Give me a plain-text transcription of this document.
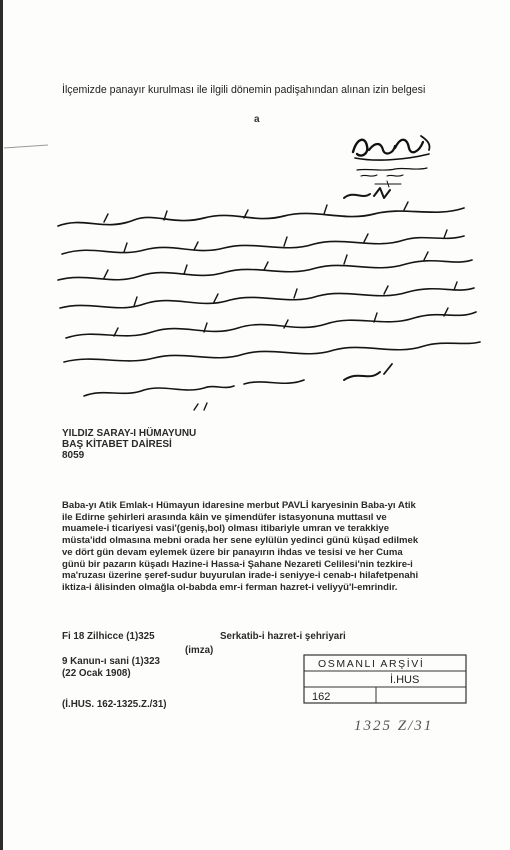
İlçemizde panayır kurulması ile ilgili dönemin padişahından alınan izin belgesi
a
YILDIZ SARAY-I HÜMAYUNU
BAŞ KİTABET DAİRESİ
8059

Baba-yı Atik Emlak-ı Hümayun idaresine merbut PAVLİ karyesinin Baba-yı Atik

ile Edirne şehirleri arasında kâin ve şimendüfer istasyonuna muttasıl ve

muamele-i ticariyesi vasi'(geniş,bol) olması itibariyle umran ve terakkiye

müsta'idd olmasına mebni orada her sene eylülün yedinci günü küşad edilmek

ve dört gün devam eylemek üzere bir panayırın ihdas ve tesisi ve her Cuma

günü bir pazarın küşadı Hazine-i Hassa-i Şahane Nezareti Celilesi'nin tezkire-i

ma'ruzası üzerine şeref-sudur buyurulan irade-i seniyye-i cenab-ı hilafetpenahi

iktiza-i âlisinden olmağla ol-babda emr-i ferman hazret-i veliyyü'l-emrindir.

Fi 18 Zilhicce (1)325	Serkatib-i hazret-i şehriyari
(imza)
9 Kanun-ı sani (1)323
(22 Ocak 1908)
(İ.HUS. 162-1325.Z./31)
OSMANLI ARŞİVİ
İ.HUS
162
1325 Z/31
